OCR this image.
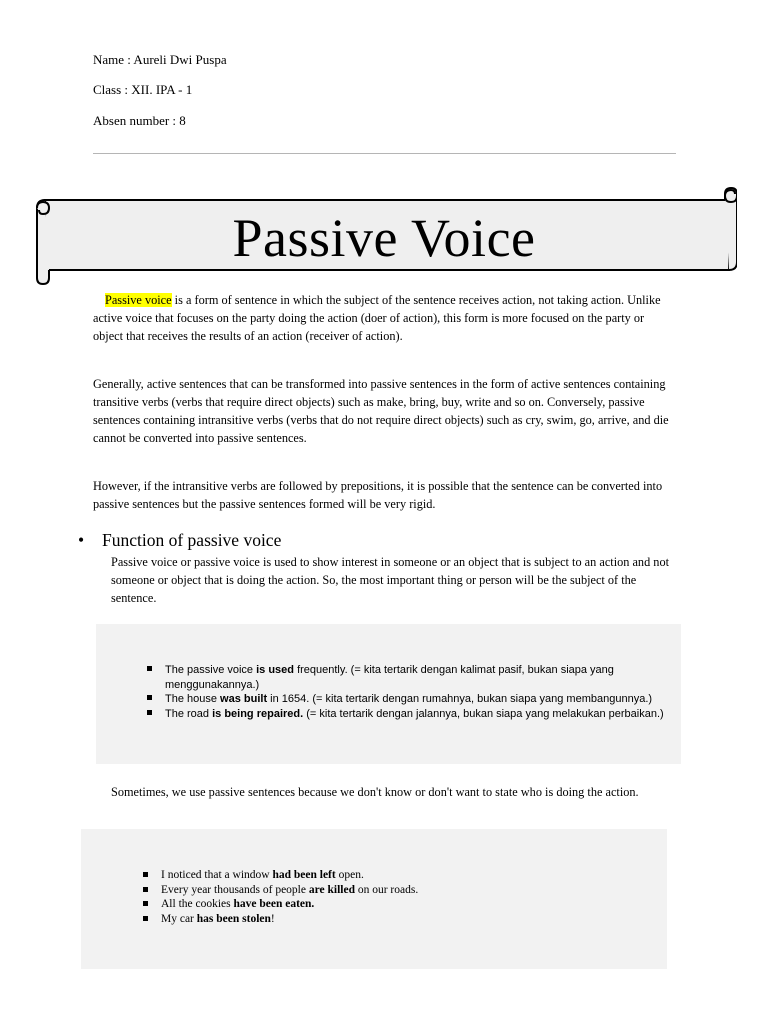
Name : Aureli Dwi Puspa
Class : XII. IPA - 1
Absen number : 8
Passive Voice

Passive voice is a form of sentence in which the subject of the sentence receives action, not taking action. Unlike active voice that focuses on the party doing the action (doer of action), this form is more focused on the party or object that receives the results of an action (receiver of action).

Generally, active sentences that can be transformed into passive sentences in the form of active sentences containing transitive verbs (verbs that require direct objects) such as make, bring, buy, write and so on. Conversely, passive sentences containing intransitive verbs (verbs that do not require direct objects) such as cry, swim, go, arrive, and die cannot be converted into passive sentences.

However, if the intransitive verbs are followed by prepositions, it is possible that the sentence can be converted into passive sentences but the passive sentences formed will be very rigid.

• Function of passive voice

Passive voice or passive voice is used to show interest in someone or an object that is subject to an action and not someone or object that is doing the action. So, the most important thing or person will be the subject of the sentence.

The passive voice is used frequently. (= kita tertarik dengan kalimat pasif, bukan siapa yang menggunakannya.)
The house was built in 1654. (= kita tertarik dengan rumahnya, bukan siapa yang membangunnya.)
The road is being repaired. (= kita tertarik dengan jalannya, bukan siapa yang melakukan perbaikan.)

Sometimes, we use passive sentences because we don't know or don't want to state who is doing the action.

I noticed that a window had been left open.
Every year thousands of people are killed on our roads.
All the cookies have been eaten.
My car has been stolen!
